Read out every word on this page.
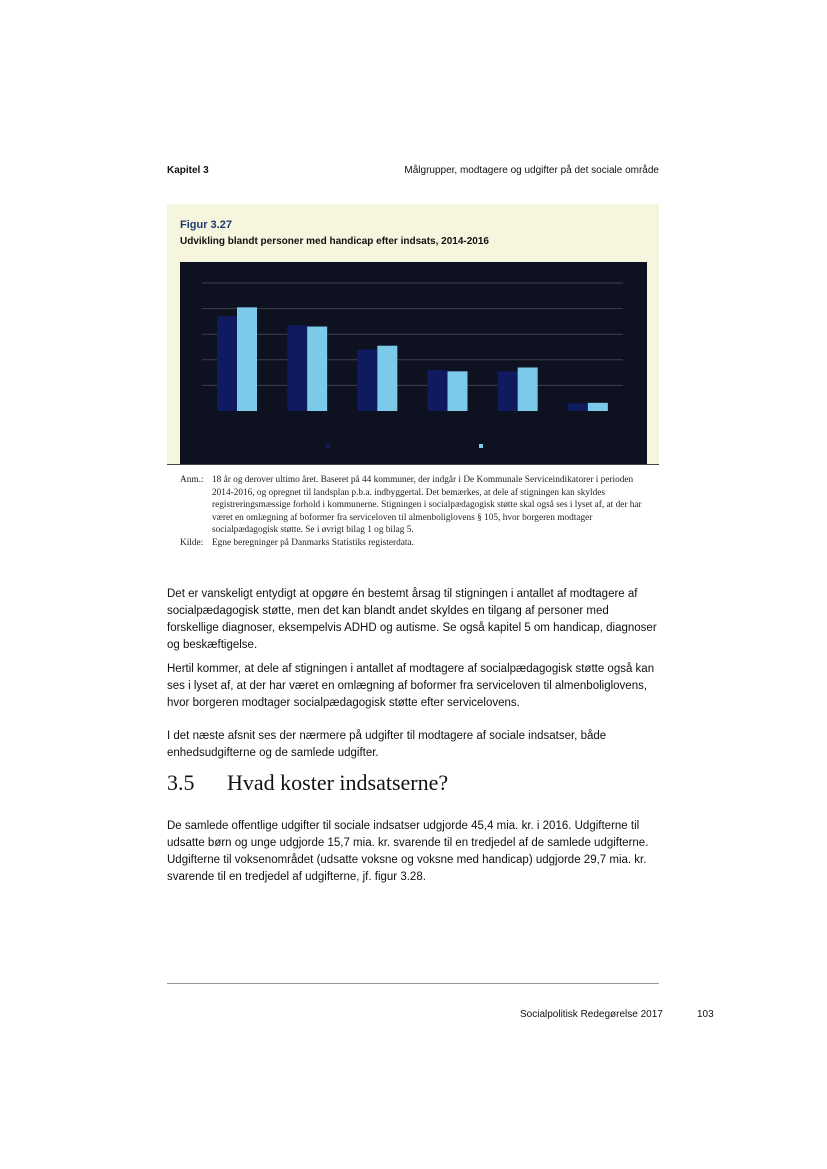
Kapitel 3	Målgrupper, modtagere og udgifter på det sociale område
Figur 3.27
Udvikling blandt personer med handicap efter indsats, 2014-2016
Anm.: 18 år og derover ultimo året. Baseret på 44 kommuner, der indgår i De Kommunale Serviceindikatorer i perioden 2014-2016, og opregnet til landsplan p.b.a. indbyggertal. Det bemærkes, at dele af stigningen kan skyldes registreringsmæssige forhold i kommunerne. Stigningen i socialpædagogisk støtte skal også ses i lyset af, at der har været en omlægning af boformer fra serviceloven til almenboliglovens § 105, hvor borgeren modtager socialpædagogisk støtte. Se i øvrigt bilag 1 og bilag 5.
Kilde: Egne beregninger på Danmarks Statistiks registerdata.

Det er vanskeligt entydigt at opgøre én bestemt årsag til stigningen i antallet af modtagere af socialpædagogisk støtte, men det kan blandt andet skyldes en tilgang af personer med forskellige diagnoser, eksempelvis ADHD og autisme. Se også kapitel 5 om handicap, diagnoser og beskæftigelse.

Hertil kommer, at dele af stigningen i antallet af modtagere af socialpædagogisk støtte også kan ses i lyset af, at der har været en omlægning af boformer fra serviceloven til almenboliglovens, hvor borgeren modtager socialpædagogisk støtte efter servicelovens.

I det næste afsnit ses der nærmere på udgifter til modtagere af sociale indsatser, både enhedsudgifterne og de samlede udgifter.

3.5 Hvad koster indsatserne?

De samlede offentlige udgifter til sociale indsatser udgjorde 45,4 mia. kr. i 2016. Udgifterne til udsatte børn og unge udgjorde 15,7 mia. kr. svarende til en tredjedel af de samlede udgifterne. Udgifterne til voksenområdet (udsatte voksne og voksne med handicap) udgjorde 29,7 mia. kr. svarende til en tredjedel af udgifterne, jf. figur 3.28.

Socialpolitisk Redegørelse 2017	103
